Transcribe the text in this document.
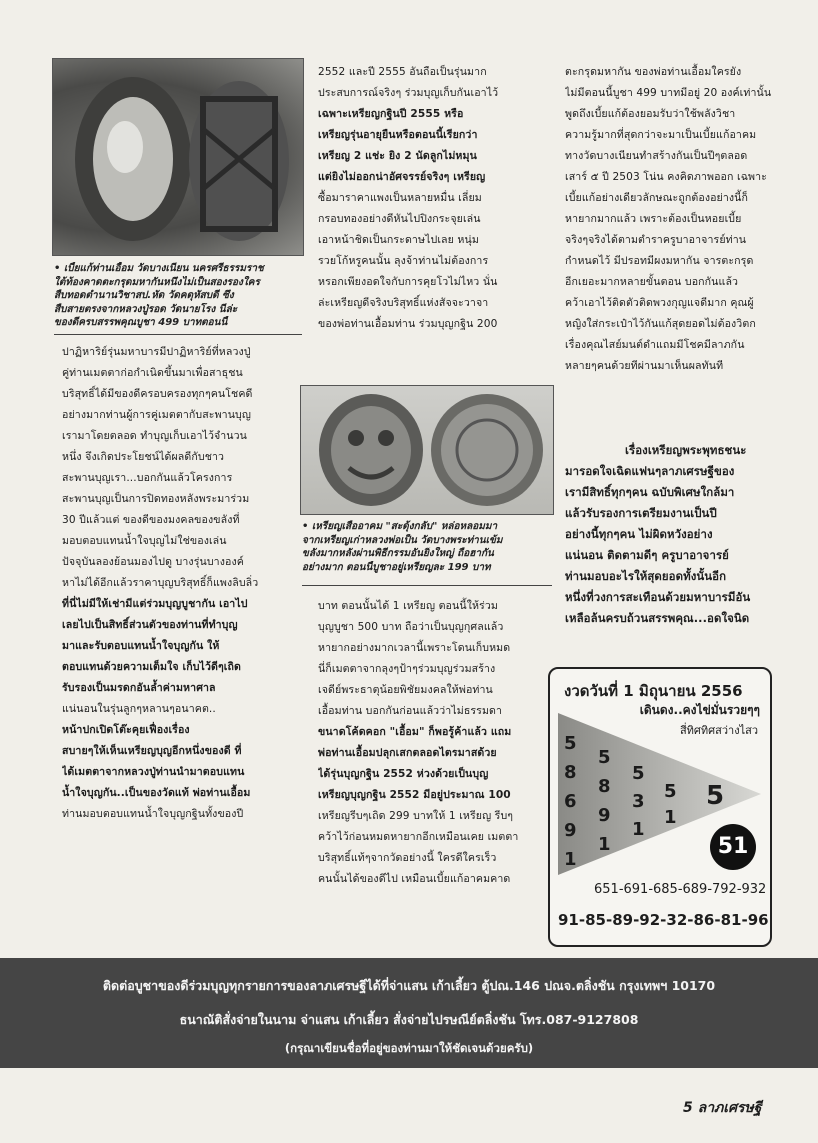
• เบี้ยแก้ท่านเอื้อม วัดบางเนียน นครศรีธรรมราช

ใต้ท้องคาดตะกรุดมหากันหนึ่งไม่เป็นสองรองใคร

สืบทอดตำนานวิชาสป.หัด วัดคดุหัสบดี ซึ่ง

สืบสายตรงจากหลวงปู่รอด วัดนายโรง นี่ล่ะ

ของดีครบสรรพคุณบูชา 499 บาทตอนนี้

ปาฏิหาริย์รุ่นมหาบารมีปาฏิหาริย์ที่หลวงปู่

คู่ท่านเมตตาก่อกำเนิดขึ้นมาเพื่อสาธุชน

บริสุทธิ์ได้มีของดีครอบครองทุกๆคนโชคดี

อย่างมากท่านผู้การคู่เมตตากับสะพานบุญ

เรามาโดยตลอด ทำบุญเก็บเอาไว้จำนวน

หนึ่ง จึงเกิดประโยชน์ได้ผลดีกับชาว

สะพานบุญเรา...บอกกันแล้วโครงการ

สะพานบุญเป็นการปิดทองหลังพระมาร่วม

30 ปีแล้วแต่ ของดีของมงคลของขลังที่

มอบตอบแทนน้ำใจบุญไม่ใช่ของเล่น

ปัจจุบันลองย้อนมองไปดู บางรุ่นบางองค์

หาไม่ได้อีกแล้วราคาบุญบริสุทธิ์ก็แพงลิบลิ่ว

ที่นี่ไม่มีให้เช่ามีแต่ร่วมบุญบูชากัน เอาไป

เลยไปเป็นสิทธิ์ส่วนตัวของท่านที่ทำบุญ

มาและรับตอบแทนน้ำใจบุญกัน ให้

ตอบแทนด้วยความเต็มใจ เก็บไว้ดีๆเถิด

รับรองเป็นมรดกอันล้ำค่ามหาศาล

แน่นอนในรุ่นลูกๆหลานๆอนาคต..

หน้าปกเปิดโต๊ะคุยเฟื่องเรื่อง

สบายๆให้เห็นเหรียญบุญอีกหนึ่งของดี ที่

ได้เมตตาจากหลวงปู่ท่านนำมาตอบแทน

น้ำใจบุญกัน..เป็นของวัดแท้ พ่อท่านเอื้อม

ท่านมอบตอบแทนน้ำใจบุญกฐินทั้งของปี

2552 และปี 2555 อันถือเป็นรุ่นมาก

ประสบการณ์จริงๆ ร่วมบุญเก็บกันเอาไว้

เฉพาะเหรียญกฐินปี 2555 หรือ

เหรียญรุ่นอายุยืนหรือตอนนี้เรียกว่า

เหรียญ 2 แช่ะ ยิง 2 นัดลูกไม่หมุน

แต่ยิงไม่ออกน่าอัศจรรย์จริงๆ เหรียญ

ซื้อมาราคาแพงเป็นหลายหมื่น เลี่ยม

กรอบทองอย่างดีหันไปปิงกระจุยเล่น

เอาหน้าชิดเป็นกระดาษไปเลย หนุ่ม

รวยโก้หรูคนนั้น ลุงจ้าท่านไม่ต้องการ

หรอกเพียงอดใจกับการคุยโวไม่ไหว นั่น

ล่ะเหรียญดีจริงบริสุทธิ์แห่งสัจจะวาจา

ของพ่อท่านเอื้อมท่าน ร่วมบุญกฐิน 200

• เหรียญเสืออาคม "สะดุ้งกลับ" หล่อหลอมมา

จากเหรียญเก่าหลวงพ่อเป็น วัดบางพระท่านเข้ม

ขลังมากหลังผ่านพิธีกรรมอันยิ่งใหญ่ ถือฮากัน

อย่างมาก ตอนนี้บูชาอยู่เหรียญละ 199 บาท

บาท ตอนนั้นได้ 1 เหรียญ ตอนนี้ให้ร่วม

บุญบูชา 500 บาท ถือว่าเป็นบุญกุศลแล้ว

หายากอย่างมากเวลานี้เพราะโดนเก็บหมด

นี่ก็เมตตาจากลุงๆป้าๆร่วมบุญร่วมสร้าง

เจดีย์พระธาตุน้อยพิชัยมงคลให้พ่อท่าน

เอื้อมท่าน บอกกันก่อนแล้วว่าไม่ธรรมดา

ขนาดโค้ดคอก "เอื้อม" ก็พอรู้ค้าแล้ว แถม

พ่อท่านเอื้อมปลุกเสกตลอดไตรมาสด้วย

ได้รุ่นบุญกฐิน 2552 ห่วงด้วยเป็นบุญ

เหรียญบุญกฐิน 2552 มีอยู่ประมาณ 100

เหรียญรีบๆเถิด 299 บาทให้ 1 เหรียญ รีบๆ

คว้าไว้ก่อนหมดหายากอีกเหมือนเคย เมตตา

บริสุทธิ์แท้ๆจากวัดอย่างนี้ ใครดีใครเร็ว

คนนั้นได้ของดีไป เหมือนเบี้ยแก้อาคมคาด

ตะกรุดมหากัน ของพ่อท่านเอื้อมใครยัง

ไม่มีตอนนี้บูชา 499 บาทมีอยู่ 20 องค์เท่านั้น

พูดถึงเบี้ยแก้ต้องยอมรับว่าใช้พลังวิชา

ความรู้มากที่สุดกว่าจะมาเป็นเบี้ยแก้อาคม

ทางวัดบางเนียนทำสร้างกันเป็นปีๆตลอด

เสาร์ ๕ ปี 2503 โน่น คงคิดภาพออก เฉพาะ

เบี้ยแก้อย่างเดียวลักษณะถูกต้องอย่างนี้ก็

หายากมากแล้ว เพราะต้องเป็นหอยเบี้ย

จริงๆจริงได้ตามตำราครูบาอาจารย์ท่าน

กำหนดไว้ มีปรอทมีผงมหากัน จารตะกรุด

อีกเยอะมากหลายขั้นตอน บอกกันแล้ว

คว้าเอาไว้ติดตัวติดพวงกุญแจดีมาก คุณผู้

หญิงใส่กระเป๋าไว้กันแก้สุดยอดไม่ต้องวิตก

เรื่องคุณไสย์มนต์ดำแถมมีโชคมีลาภกัน

หลายๆคนด้วยทีผ่านมาเห็นผลทันที

เรื่องเหรียญพระพุทธชนะ

มารอดใจเฉิดแฟนๆลาภเศรษฐีของ

เรามีสิทธิ์ทุกๆคน ฉบับพิเศษใกล้มา

แล้วรับรองการเตรียมงานเป็นปี

อย่างนี้ทุกๆคน ไม่ผิดหวังอย่าง

แน่นอน ติดตามดีๆ ครูบาอาจารย์

ท่านมอบอะไรให้สุดยอดทั้งนั้นอีก

หนึ่งที่วงการสะเทือนด้วยมหาบารมีอัน

เหลือล้นครบถ้วนสรรพคุณ...อดใจนิด

งวดวันที่ 1 มิถุนายน 2556
เดินดง..คงไข่มั่นรวยๆๆ
สี่ทิศทิศสว่างไสว
5
8
6
9
1
5
8
9
1
5
3
1
5
1
5
51
651-691-685-689-792-932
91-85-89-92-32-86-81-96

ติดต่อบูชาของดีร่วมบุญทุกรายการของลาภเศรษฐีได้ที่จ่าแสน เก้าเลี้ยว ตู้ปณ.146 ปณจ.ตลิ่งชัน กรุงเทพฯ 10170

ธนาณัติสั่งจ่ายในนาม จ่าแสน เก้าเลี้ยว สั่งจ่ายไปรษณีย์ตลิ่งชัน โทร.087-9127808

(กรุณาเขียนชื่อที่อยู่ของท่านมาให้ชัดเจนด้วยครับ)

5 ลาภเศรษฐี
